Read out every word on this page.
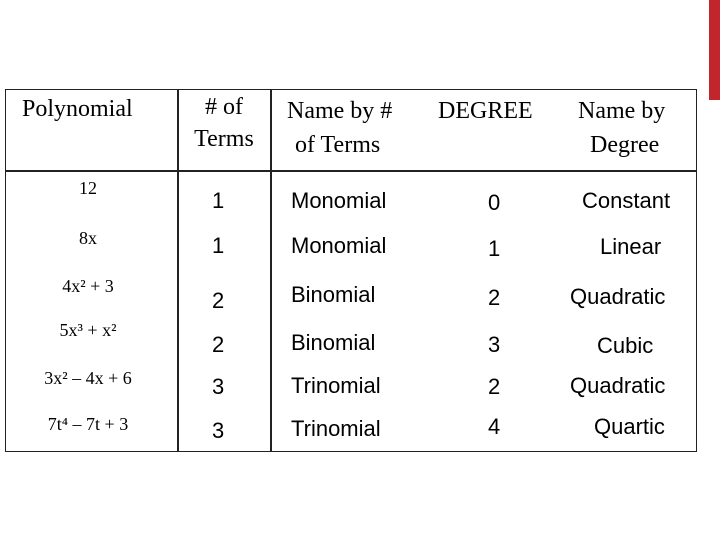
Polynomial	# of
Terms
Name by #
of Terms
DEGREE Name by
Degree
12
8x
4x² + 3
5x³ + x²
3x² – 4x + 6
7t⁴ – 7t + 3
1
1
2
2
3
3
Monomial
Monomial
Binomial
Binomial
Trinomial
Trinomial
0
1
2
3
2
4
Constant
Linear
Quadratic
Cubic
Quadratic
Quartic
